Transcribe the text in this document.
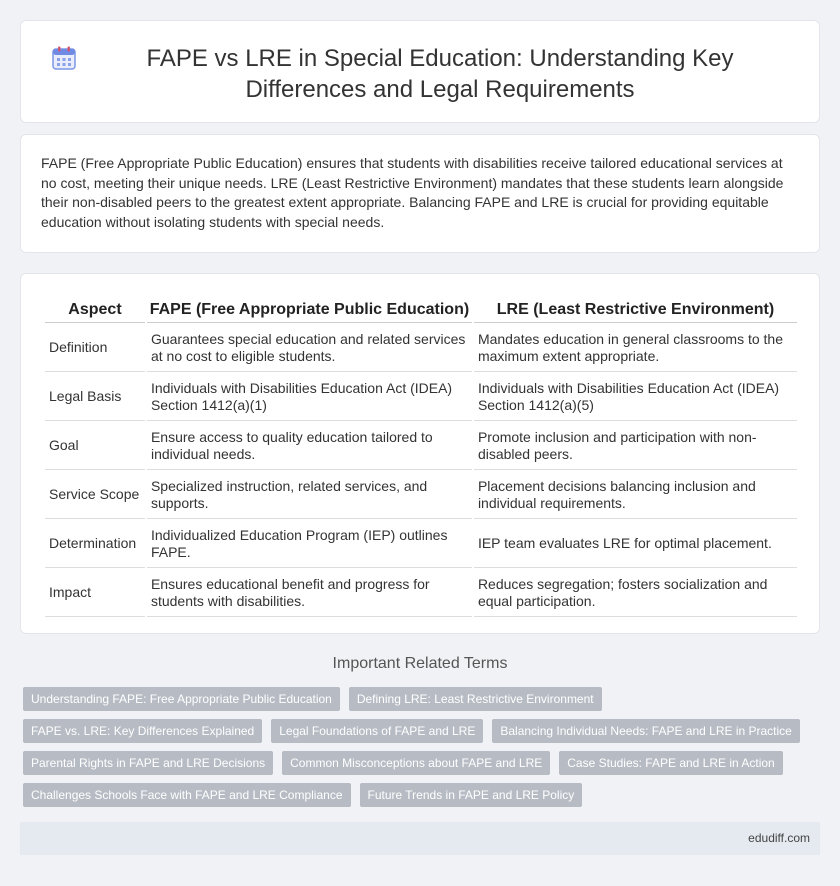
FAPE vs LRE in Special Education: Understanding Key Differences and Legal Requirements

FAPE (Free Appropriate Public Education) ensures that students with disabilities receive tailored educational services at no cost, meeting their unique needs. LRE (Least Restrictive Environment) mandates that these students learn alongside their non-disabled peers to the greatest extent appropriate. Balancing FAPE and LRE is crucial for providing equitable education without isolating students with special needs.

Aspect	FAPE (Free Appropriate Public Education)	LRE (Least Restrictive Environment)
Definition	Guarantees special education and related services at no cost to eligible students.	Mandates education in general classrooms to the maximum extent appropriate.
Legal Basis	Individuals with Disabilities Education Act (IDEA) Section 1412(a)(1)	Individuals with Disabilities Education Act (IDEA) Section 1412(a)(5)
Goal	Ensure access to quality education tailored to individual needs.	Promote inclusion and participation with non-disabled peers.
Service Scope	Specialized instruction, related services, and supports.	Placement decisions balancing inclusion and individual requirements.
Determination	Individualized Education Program (IEP) outlines FAPE.	IEP team evaluates LRE for optimal placement.
Impact	Ensures educational benefit and progress for students with disabilities.	Reduces segregation; fosters socialization and equal participation.
Important Related Terms
Understanding FAPE: Free Appropriate Public Education	Defining LRE: Least Restrictive Environment
FAPE vs. LRE: Key Differences Explained	Legal Foundations of FAPE and LRE	Balancing Individual Needs: FAPE and LRE in Practice
Parental Rights in FAPE and LRE Decisions	Common Misconceptions about FAPE and LRE	Case Studies: FAPE and LRE in Action
Challenges Schools Face with FAPE and LRE Compliance	Future Trends in FAPE and LRE Policy
edudiff.com
